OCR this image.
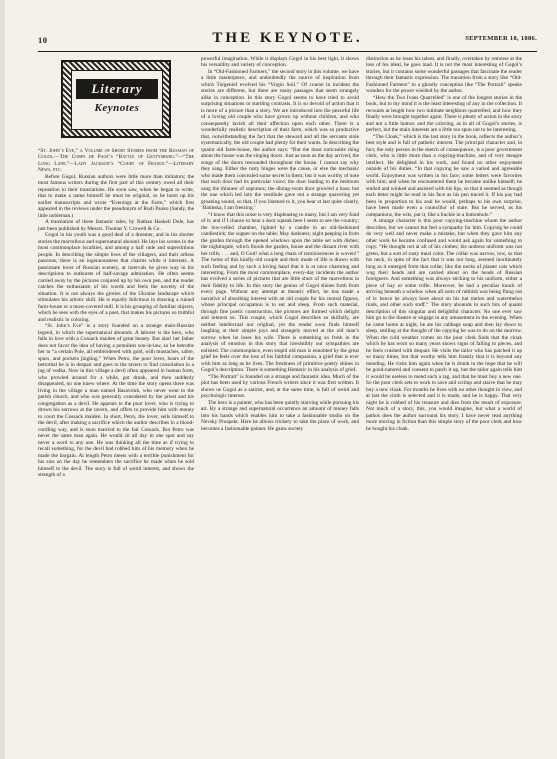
10	THE KEYNOTE.	SEPTEMBER 18, 1886.
Literary
Keynotes

“St. John’s Eve,” a Volume of Short Stories from the Russian of Gogol.—The Corps de Page’s “Battle of Gettysburg.”—“The Long Lane.”—Lady Jackson’s “Court of France.”—Literary News, etc.

Before Gogol, Russian authors were little more than imitators; the most famous writers during the first part of this century owed all their reputation to their translations. He soon saw, when he began to write, that to make a name himself he must be original, so he burst up his earlier manuscripts and wrote “Evenings at the Farm,” which first appeared in the reviews under the pseudonym of Rudi Panko (Sandy, the little nobleman.)

A translation of these fantastic tales, by Nathan Haskell Dole, has just been published by Messrs. Thomas Y. Crowell & Co.

Gogol in his youth was a good deal of a dreamer, and in his shorter stories the marvellous and supernatural abound. He lays his scenes in the most commonplace localities, and among a half rude and superstitious people. In describing the simple lives of the villagers, and their artless passions, there is an ingenuousness that charms while it interests. A passionate lover of Russian scenery, at intervals he gives way in his descriptions to outbursts of half-savage admiration. He often seems carried away by the pictures conjured up by his own pen, and the reader catches the enthusiasm of his words and feels the novelty of the situation. It is not always the glories of the Ukraine landscape which stimulates his artistic skill. He is equally felicitous in drawing a ruined farm-house or a moss-covered mill. It is his grouping of familiar objects, which he sees with the eyes of a poet, that makes his pictures so truthful and realistic in coloring.

“St. John’s Eve” is a story founded on a strange malo-Russian legend, in which the supernatural abounds. A laborer is the hero, who falls in love with a Cossack maiden of great beauty. But alas! her father does not favor the idea of having a penniless son-in-law, so he betroths her to “a certain Pole, all embroidered with gold, with mustaches, sabre, spurs, and pockets jingling.” When Petro, the poor lover, hears of the betrothal he is in despair and goes to the tavern to find consolation in a jug of vodka. Now in this village a devil often appeared in human form, who prowled around for a while, got drunk, and then suddenly disappeared, no one knew where. At the time the story opens there was living in the village a man named Basavriuk, who never went to the parish church, and who was generally considered by the priest and his congregation as a devil. He appears to the poor lover, who is trying to drown his sorrows at the tavern, and offers to provide him with money to court the Cossack maiden. In short, Petro, the lover, sells himself to the devil, after making a sacrifice which the author describes in a blood-curdling way, and is soon married to the fair Cossack. But Petro was never the same man again. He would sit all day in one spot and say never a word to any one. He was thinking all the time as if trying to recall something, for the devil had robbed him of his memory when he made the bargain. At length Petro meets with a terrible punishment for his sins on the day he remembers the sacrifice he made when he sold himself to the devil. The story is full of weird interest, and shows the strength of a

powerful imagination. While it displays Gogol in his best light, it shows his versatility and variety of conception.

In “Old-Fashioned Farmers,” the second story in this volume, we have a little masterpiece, and undoubtedly the source of inspiration from which Turgenief evolved his “Virgin Soil.” Of course in incident the stories are different, but there are many passages that seem strangely alike in conception. In this story Gogol seems to have tried to avoid surprising situations or startling contrasts. It is so devoid of action that it is more of a picture than a story. We are introduced into the peaceful life of a loving old couple who have grown up without children, and who consequently lavish all their affection upon each other. There is a wonderfully realistic description of their farm, which was so productive that, notwithstanding the fact that the steward and all the servants stole systematically, the old couple had plenty for their wants. In describing the quaint old farm-house, the author says: “But the most noticeable thing about the house was the singing doors. Just as soon as the day arrived, the songs of the doors resounded throughout the house. I cannot say why they sang. Either the rusty hinges were the cause, or else the mechanic who made them concealed some secret in them; but it was worthy of note that each door had its particular voice; the door leading to the bedroom sang the thinnest of sopranos; the dining-room door growled a bass; but the one which led into the vestibule gave out a strange quavering yet groaning sound, so that, if you listened to it, you hear at last quite clearly, ‘Batinska, I am freezing.’

“I know that this noise is very displeasing to many, but I am very fond of it; and if I chance to hear a door squeak here I seem to see the country; the low-celled chamber, lighted by a candle in an old-fashioned candlestick; the supper on the table; May darkness; night peeping in from the garden through the opened windows upon the table set with dishes; the nightingale, which floods the garden, house and the distant river with her trills; . . . and, O God! what a long chain of reminiscences is woven!” The home of this kindly old couple and their mode of life is drawn with such feeling and by such a loving hand that it is at once charming and interesting. From the most commonplace, every-day incidents the author has evolved a series of pictures that are little short of the marvellous in their fidelity to life. In this story the genius of Gogol shines forth from every page. Without any attempt at theatric effect, he has made a narrative of absorbing interest with an old couple for his central figures, whose principal occupation is to eat and sleep. From such material, through fine poetic construction, the pictures are formed which delight and interest us. This couple, which Gogol describes so skilfully, are neither intellectual nor original, yet the reader soon finds himself laughing at their simple joys and strangely moved at the old man’s sorrow when he loses his wife. There is something so fresh in the analysis of emotion in this story that irresistibly our sympathies are enlisted. The commonplace, even stupid old man is ennobled by the great grief he feels over the loss of his faithful companion, a grief that is ever with him as long as he lives. The freshness of primitive poetry shines in Gogol’s description. There is something Homeric in his analysis of grief.

“The Portrait” is founded on a strange and fantastic idea. Much of the plot has been used by various French writers since it was first written. It shows us Gogol as a satirist, and, at the same time, is full of weird and psychologic interest.

The hero is a painter, who has been quietly starving while pursuing his art. By a strange and supernatural occurrence an amount of money falls into his hands which enables him to take a fashionable studio on the Nevsky Prospekt. Here he allows trickery to take the place of work, and becomes a fashionable painter. He gains society

distinction as he loses his talent, and finally, overtaken by remorse at the loss of his ideal, he goes mad. It is not the most interesting of Gogol’s stories, but it contains some wonderful passages that fascinate the reader through their fantastic expression. The transition from a story like “Old-Fashioned Farmers” to a ghostly conception like “The Portrait” speaks wonders for the power wielded by the author.

“How the Two Ivans Quarrelled” is one of the longest stories in the book, but to my mind it is the least interesting of any in the collection. It recounts at length how two intimate neighbors quarrelled, and how they finally were brought together again. There is plenty of action in the story and not a little humor, and the coloring, as in all of Gogol’s stories, is perfect, but the main interests are a little too spun out to be interesting.

“The Cloak,” which is the last story in the book, reflects the author’s best style and is full of pathetic interest. The principal character and, in fact, the only person in the sketch of consequence, is a poor government clerk, who is little more than a copying-machine, and of very meagre intellect. He delighted in his work, and found no other enjoyment outside of his duties. “In that copying he saw a varied and agreeable world. Enjoyment was written in his face; some letters were favorites with him; and when he encountered them he became unlike himself; he smiled and winked and assisted with his lips, so that it seemed as though each letter might be read in his face as his pen traced it. If his pay had been in proportion to his zeal he would, perhaps to his own surprise, have been made even a councillor of state. But he served, as his companions, the wits, put it, like a buckle in a buttonhole.”

A strange character is this poor copying-machine whom the author describes, but we cannot but feel a sympathy for him. Copying he could do very well and never make a mistake, but when they gave him any other work he became confused and would ask again for something to copy. “He thought not at all of his clothes; his undress uniform was not green, but a sort of rusty meal color. The collar was narrow, low, so that his neck, in spite of the fact that it was not long, seemed inordinately long as it emerged from that collar, like the necks of plaster cats which wag their heads and are carried about on the heads of Russian foreigners. And something was always sticking to his uniform, either a piece of hay or some trifle. Moreover, he had a peculiar knack of arriving beneath a window when all sorts of rubbish was being flung out of it: hence he always bore about on his hat melon and watermelon rinds, and other such stuff.” The story abounds in such bits of quaint description of this singular and delightful character. No one ever saw him go to the theatre or engage in any amusement in the evening. When he came home at night, he ate his cabbage soup and then lay down to sleep, smiling at the thought of the copying he was to do on the morrow. When the cold weather comes on the poor clerk finds that the cloak which he has worn so many years shows signs of falling to pieces, and he feels crushed with despair. He visits the tailor who has patched it up so many times, but that worthy tells him frankly that it is beyond any mending. He visits him again when he is drunk in the hope that he will be good-natured and consent to patch it up, but the tailor again tells him it would be useless to mend such a rag, and that he must buy a new one. So the poor clerk sets to work to save and scrimp and starve that he may buy a new cloak. For months he lives with no other thought in view, and at last the cloth is selected and it is made, and he is happy. That very night he is robbed of his treasure and dies from the result of exposure. Not much of a story, this, you would imagine, but what a world of pathos does the author surround his story. I have never read anything more moving in fiction than this simple story of the poor clerk and how he bought his cloak.
